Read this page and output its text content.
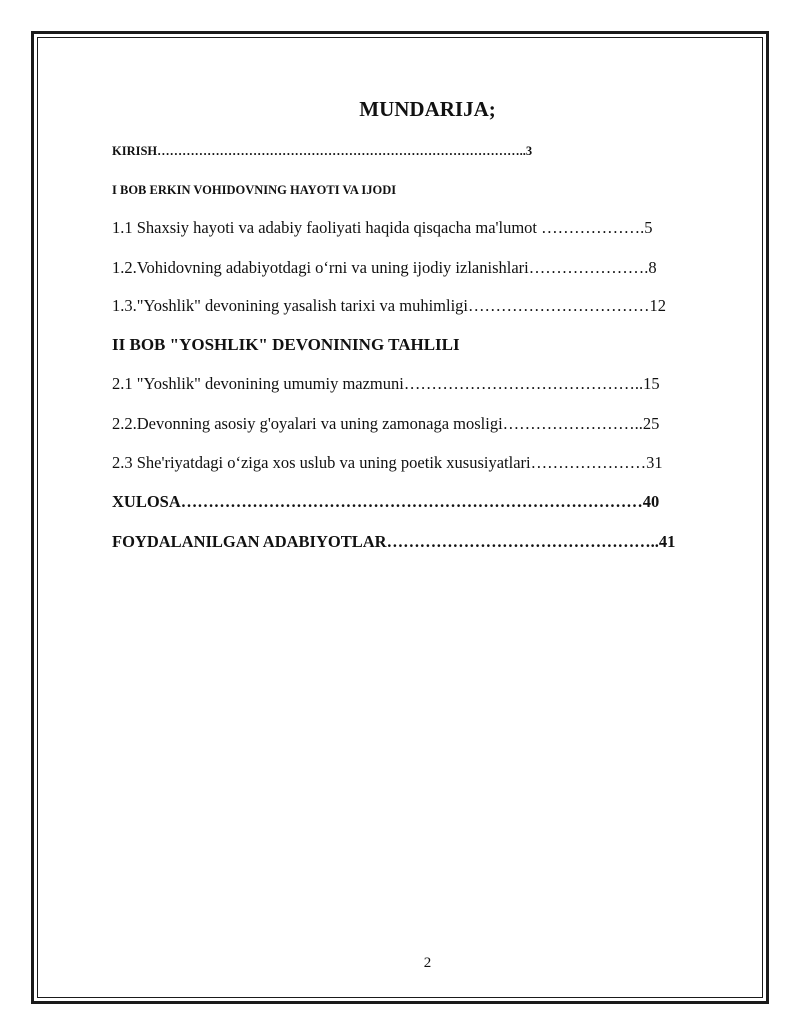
MUNDARIJA;
KIRISH……………………………………………………………………………..3
I BOB ERKIN VOHIDOVNING HAYOTI VA IJODI
1.1 Shaxsiy hayoti va adabiy faoliyati haqida qisqacha ma'lumot ……………….5
1.2.Vohidovning adabiyotdagi o‘rni va uning ijodiy izlanishlari………………….8
1.3."Yoshlik" devonining yasalish tarixi va muhimligi……………………………12
II BOB "YOSHLIK" DEVONINING TAHLILI
2.1 "Yoshlik" devonining umumiy mazmuni……………………………………..15
2.2.Devonning asosiy g'oyalari va uning zamonaga mosligi……………………..25
2.3 She'riyatdagi o‘ziga xos uslub va uning poetik xususiyatlari…………………31
XULOSA…………………………………………………………………………40
FOYDALANILGAN ADABIYOTLAR…………………………………………..41
2
